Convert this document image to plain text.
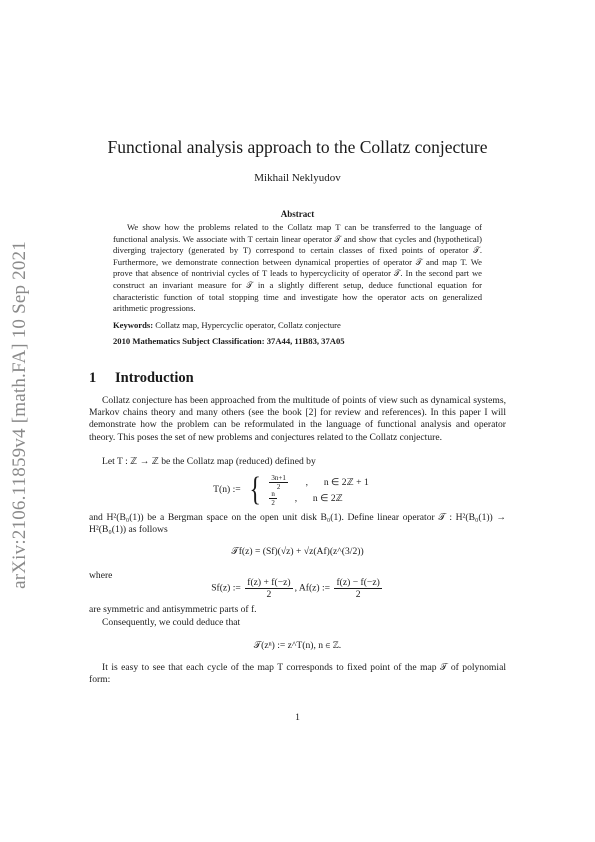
arXiv:2106.11859v4 [math.FA] 10 Sep 2021
Functional analysis approach to the Collatz conjecture
Mikhail Neklyudov
Abstract
We show how the problems related to the Collatz map T can be transferred to the language of functional analysis. We associate with T certain linear operator 𝒯 and show that cycles and (hypothetical) diverging trajectory (generated by T) correspond to certain classes of fixed points of operator 𝒯. Furthermore, we demonstrate connection between dynamical properties of operator 𝒯 and map T. We prove that absence of nontrivial cycles of T leads to hypercyclicity of operator 𝒯. In the second part we construct an invariant measure for 𝒯 in a slightly different setup, deduce functional equation for characteristic function of total stopping time and investigate how the operator acts on generalized arithmetic progressions.
Keywords: Collatz map, Hypercyclic operator, Collatz conjecture
2010 Mathematics Subject Classification: 37A44, 11B83, 37A05
1 Introduction
Collatz conjecture has been approached from the multitude of points of view such as dynamical systems, Markov chains theory and many others (see the book [2] for review and references). In this paper I will demonstrate how the problem can be reformulated in the language of functional analysis and operator theory. This poses the set of new problems and conjectures related to the Collatz conjecture.
Let T : ℤ → ℤ be the Collatz map (reduced) defined by
T(n) := { $\frac{3n+1}{2}$	,	n ∈ 2ℤ + 1
$\frac{n}{2}$	,	n ∈ 2ℤ
and H²(B₀(1)) be a Bergman space on the open unit disk B₀(1). Define linear operator 𝒯 : H²(B₀(1)) → H²(B₀(1)) as follows
𝒯f(z) = (Sf)(√z) + √z(Af)(z^(3/2))
where
Sf(z) := $\frac{f(z) + f(-z)}{2}$ , Af(z) := $\frac{f(z) - f(-z)}{2}$
are symmetric and antisymmetric parts of f.
Consequently, we could deduce that
𝒯(zⁿ) := z^T(n), n ∈ ℤ.
It is easy to see that each cycle of the map T corresponds to fixed point of the map 𝒯 of polynomial form:
1
